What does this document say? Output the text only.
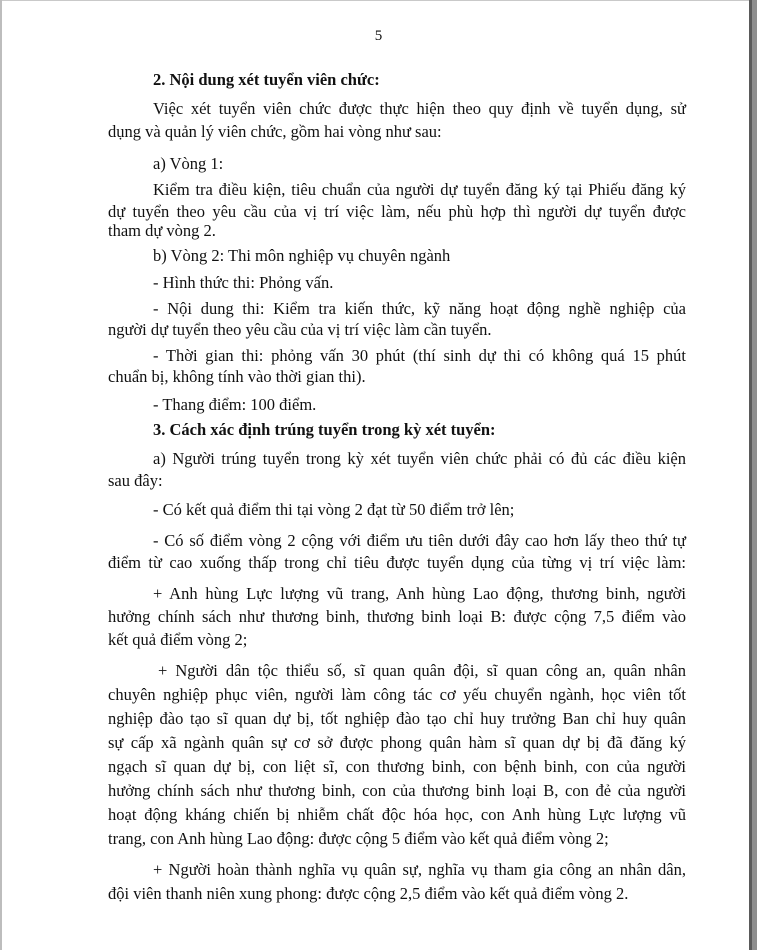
5
2. Nội dung xét tuyển viên chức:
Việc xét tuyển viên chức được thực hiện theo quy định về tuyển dụng, sử
dụng và quản lý viên chức, gồm hai vòng như sau:
a) Vòng 1:
Kiểm tra điều kiện, tiêu chuẩn của người dự tuyển đăng ký tại Phiếu đăng ký
dự tuyển theo yêu cầu của vị trí việc làm, nếu phù hợp thì người dự tuyển được
tham dự vòng 2.
b) Vòng 2: Thi môn nghiệp vụ chuyên ngành
- Hình thức thi: Phỏng vấn.
- Nội dung thi: Kiểm tra kiến thức, kỹ năng hoạt động nghề nghiệp của
người dự tuyển theo yêu cầu của vị trí việc làm cần tuyển.
- Thời gian thi: phỏng vấn 30 phút (thí sinh dự thi có không quá 15 phút
chuẩn bị, không tính vào thời gian thi).
- Thang điểm: 100 điểm.
3. Cách xác định trúng tuyển trong kỳ xét tuyển:
a) Người trúng tuyển trong kỳ xét tuyển viên chức phải có đủ các điều kiện
sau đây:
- Có kết quả điểm thi tại vòng 2 đạt từ 50 điểm trở lên;
- Có số điểm vòng 2 cộng với điểm ưu tiên dưới đây cao hơn lấy theo thứ tự
điểm từ cao xuống thấp trong chỉ tiêu được tuyển dụng của từng vị trí việc làm:
+ Anh hùng Lực lượng vũ trang, Anh hùng Lao động, thương binh, người
hưởng chính sách như thương binh, thương binh loại B: được cộng 7,5 điểm vào
kết quả điểm vòng 2;
+ Người dân tộc thiểu số, sĩ quan quân đội, sĩ quan công an, quân nhân
chuyên nghiệp phục viên, người làm công tác cơ yếu chuyển ngành, học viên tốt
nghiệp đào tạo sĩ quan dự bị, tốt nghiệp đào tạo chỉ huy trưởng Ban chỉ huy quân
sự cấp xã ngành quân sự cơ sở được phong quân hàm sĩ quan dự bị đã đăng ký
ngạch sĩ quan dự bị, con liệt sĩ, con thương binh, con bệnh binh, con của người
hưởng chính sách như thương binh, con của thương binh loại B, con đẻ của người
hoạt động kháng chiến bị nhiễm chất độc hóa học, con Anh hùng Lực lượng vũ
trang, con Anh hùng Lao động: được cộng 5 điểm vào kết quả điểm vòng 2;
+ Người hoàn thành nghĩa vụ quân sự, nghĩa vụ tham gia công an nhân dân,
đội viên thanh niên xung phong: được cộng 2,5 điểm vào kết quả điểm vòng 2.
